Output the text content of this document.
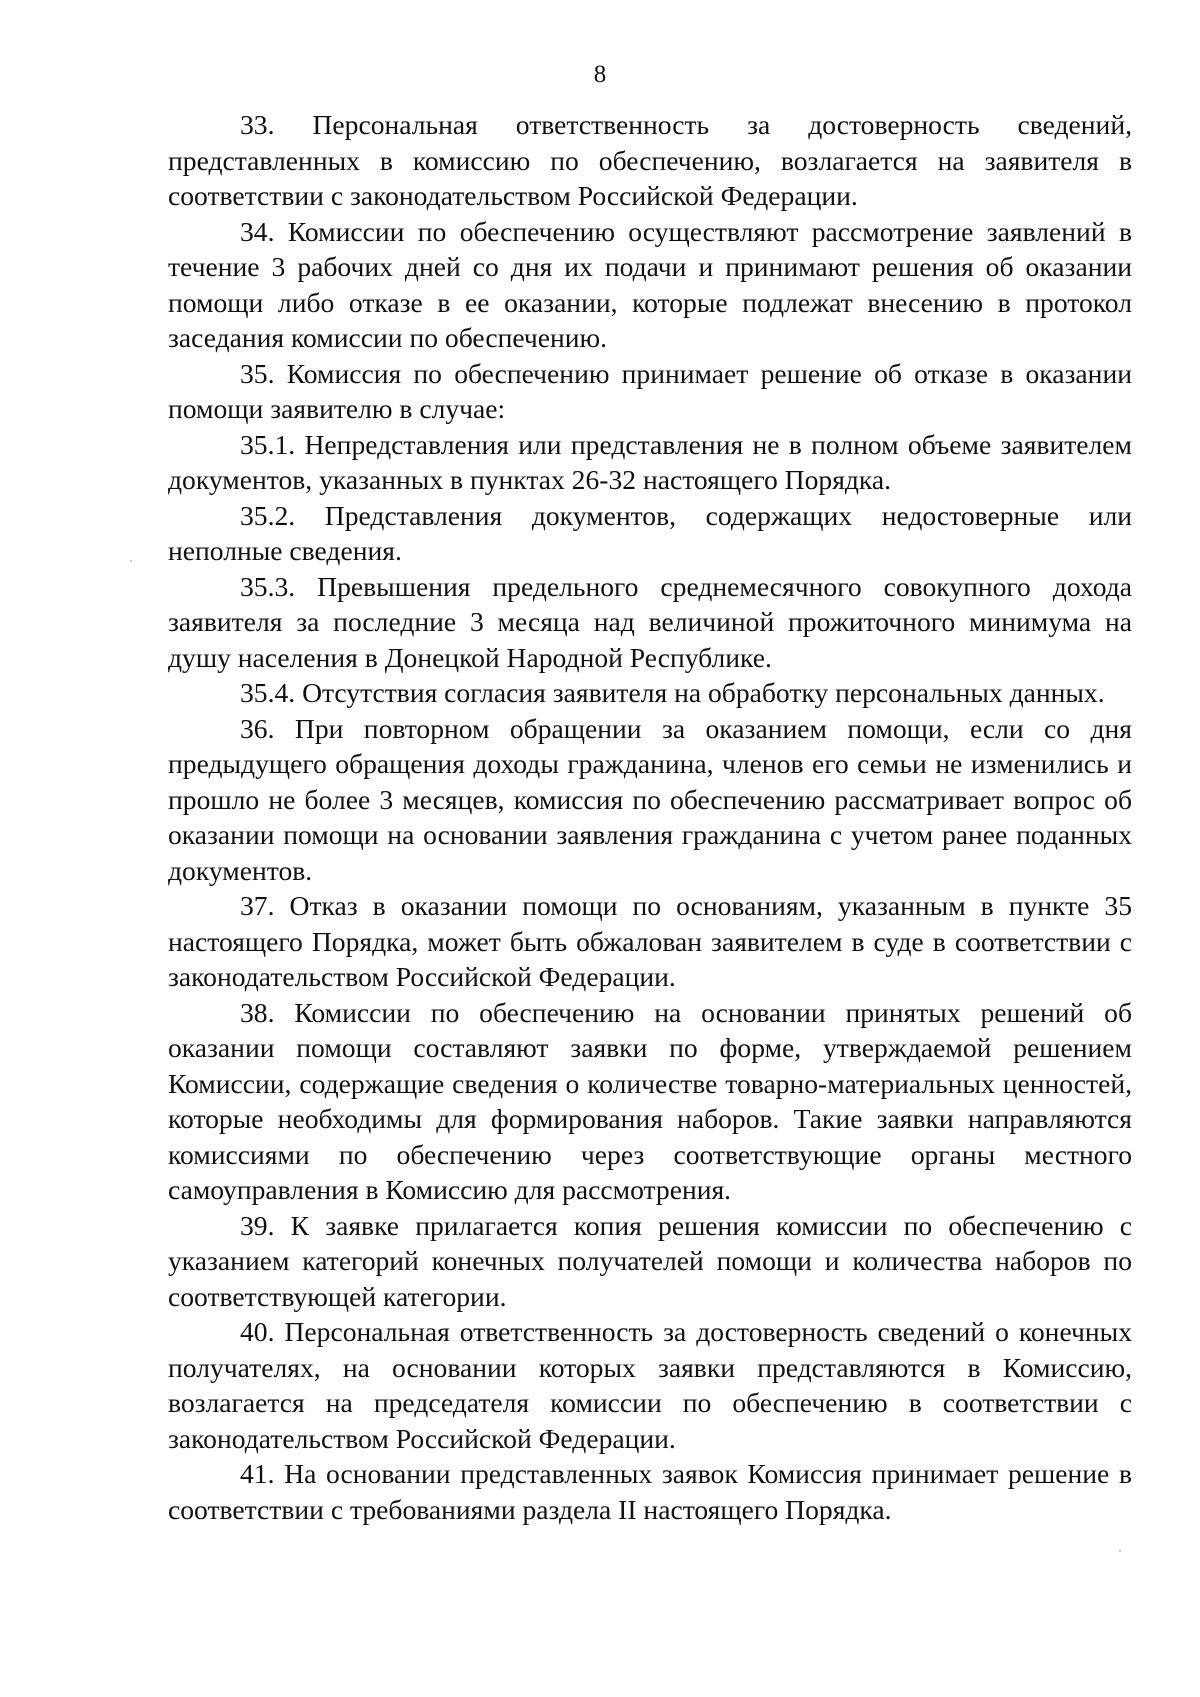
8

33. Персональная ответственность за достоверность сведений, представленных в комиссию по обеспечению, возлагается на заявителя в соответствии с законодательством Российской Федерации.

34. Комиссии по обеспечению осуществляют рассмотрение заявлений в течение 3 рабочих дней со дня их подачи и принимают решения об оказании помощи либо отказе в ее оказании, которые подлежат внесению в протокол заседания комиссии по обеспечению.

35. Комиссия по обеспечению принимает решение об отказе в оказании помощи заявителю в случае:

35.1. Непредставления или представления не в полном объеме заявителем документов, указанных в пунктах 26-32 настоящего Порядка.

35.2. Представления документов, содержащих недостоверные или неполные сведения.

35.3. Превышения предельного среднемесячного совокупного дохода заявителя за последние 3 месяца над величиной прожиточного минимума на душу населения в Донецкой Народной Республике.

35.4. Отсутствия согласия заявителя на обработку персональных данных.

36. При повторном обращении за оказанием помощи, если со дня предыдущего обращения доходы гражданина, членов его семьи не изменились и прошло не более 3 месяцев, комиссия по обеспечению рассматривает вопрос об оказании помощи на основании заявления гражданина с учетом ранее поданных документов.

37. Отказ в оказании помощи по основаниям, указанным в пункте 35 настоящего Порядка, может быть обжалован заявителем в суде в соответствии с законодательством Российской Федерации.

38. Комиссии по обеспечению на основании принятых решений об оказании помощи составляют заявки по форме, утверждаемой решением Комиссии, содержащие сведения о количестве товарно-материальных ценностей, которые необходимы для формирования наборов. Такие заявки направляются комиссиями по обеспечению через соответствующие органы местного самоуправления в Комиссию для рассмотрения.

39. К заявке прилагается копия решения комиссии по обеспечению с указанием категорий конечных получателей помощи и количества наборов по соответствующей категории.

40. Персональная ответственность за достоверность сведений о конечных получателях, на основании которых заявки представляются в Комиссию, возлагается на председателя комиссии по обеспечению в соответствии с законодательством Российской Федерации.

41. На основании представленных заявок Комиссия принимает решение в соответствии с требованиями раздела II настоящего Порядка.
